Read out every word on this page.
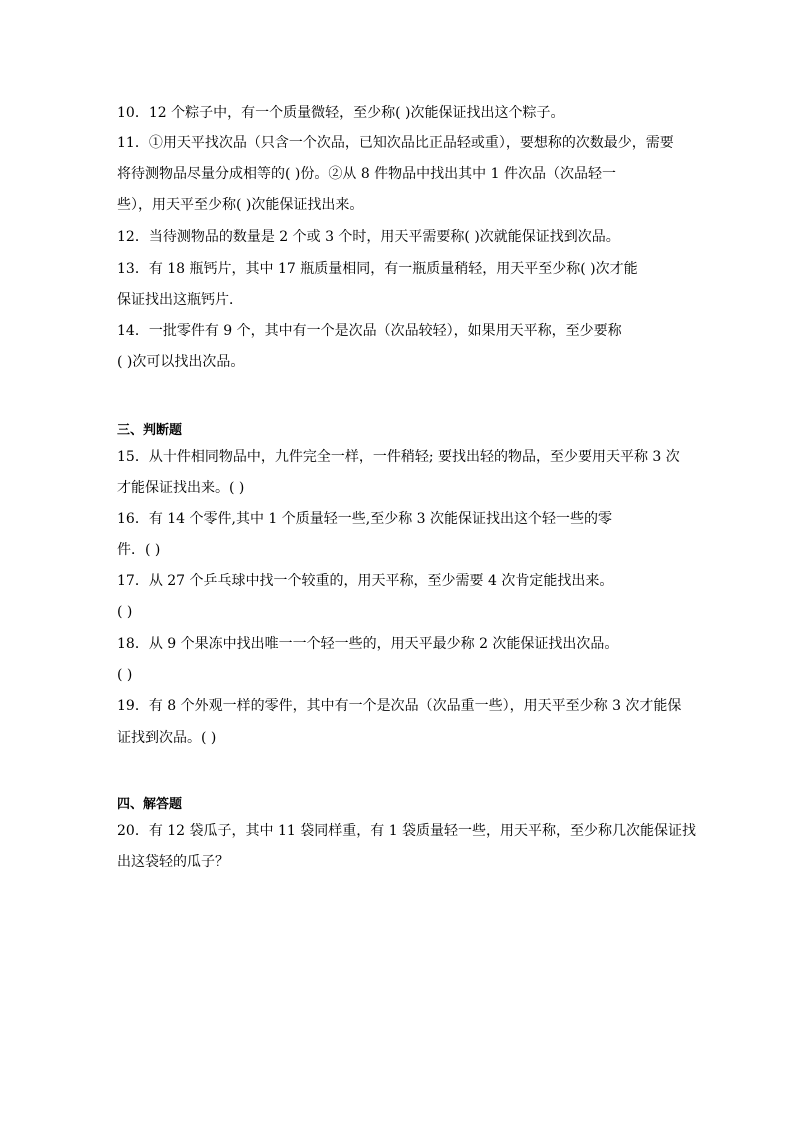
10．12 个粽子中，有一个质量微轻，至少称( )次能保证找出这个粽子。
11．①用天平找次品（只含一个次品，已知次品比正品轻或重），要想称的次数最少，需要
将待测物品尽量分成相等的( )份。②从 8 件物品中找出其中 1 件次品（次品轻一
些），用天平至少称( )次能保证找出来。
12．当待测物品的数量是 2 个或 3 个时，用天平需要称( )次就能保证找到次品。
13．有 18 瓶钙片，其中 17 瓶质量相同，有一瓶质量稍轻，用天平至少称( )次才能
保证找出这瓶钙片．
14．一批零件有 9 个，其中有一个是次品（次品较轻），如果用天平称，至少要称
( )次可以找出次品。
三、判断题
15．从十件相同物品中，九件完全一样，一件稍轻; 要找出轻的物品，至少要用天平称 3 次
才能保证找出来。( )
16．有 14 个零件,其中 1 个质量轻一些,至少称 3 次能保证找出这个轻一些的零
件．( )
17．从 27 个乒乓球中找一个较重的，用天平称，至少需要 4 次肯定能找出来。
( )
18．从 9 个果冻中找出唯一一个轻一些的，用天平最少称 2 次能保证找出次品。
( )
19．有 8 个外观一样的零件，其中有一个是次品（次品重一些），用天平至少称 3 次才能保
证找到次品。( )
四、解答题
20．有 12 袋瓜子，其中 11 袋同样重，有 1 袋质量轻一些，用天平称，至少称几次能保证找
出这袋轻的瓜子？
